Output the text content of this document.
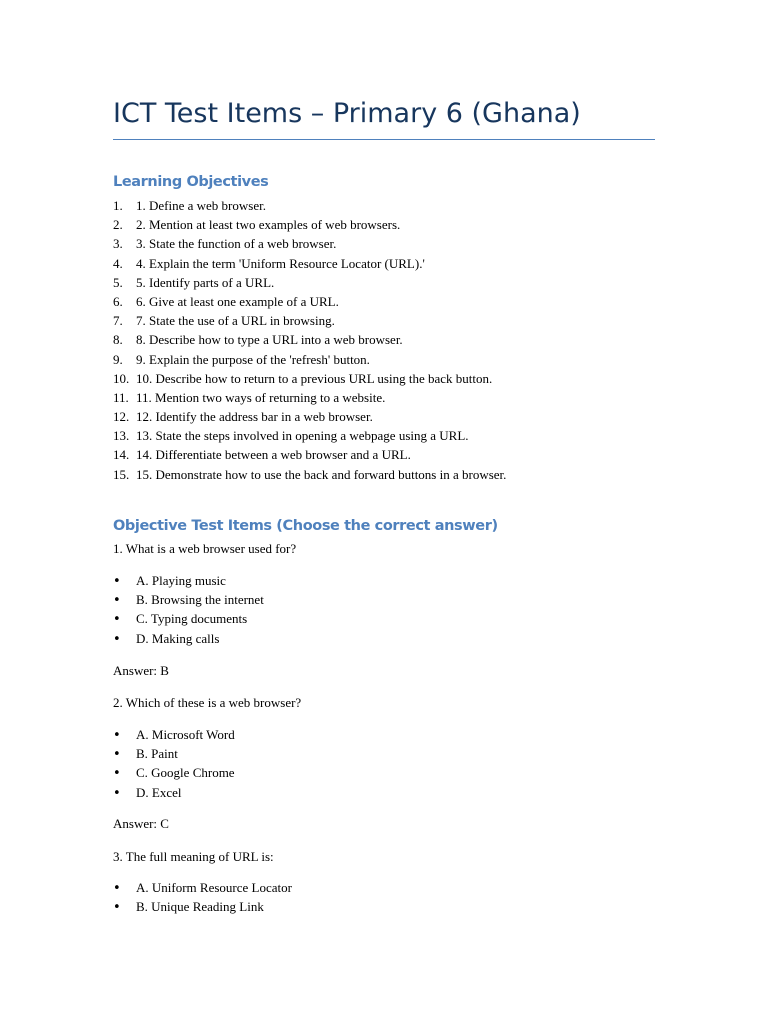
ICT Test Items – Primary 6 (Ghana)
Learning Objectives
1. 1. Define a web browser.
2. 2. Mention at least two examples of web browsers.
3. 3. State the function of a web browser.
4. 4. Explain the term 'Uniform Resource Locator (URL).'
5. 5. Identify parts of a URL.
6. 6. Give at least one example of a URL.
7. 7. State the use of a URL in browsing.
8. 8. Describe how to type a URL into a web browser.
9. 9. Explain the purpose of the 'refresh' button.
10. 10. Describe how to return to a previous URL using the back button.
11. 11. Mention two ways of returning to a website.
12. 12. Identify the address bar in a web browser.
13. 13. State the steps involved in opening a webpage using a URL.
14. 14. Differentiate between a web browser and a URL.
15. 15. Demonstrate how to use the back and forward buttons in a browser.
Objective Test Items (Choose the correct answer)

1. What is a web browser used for?

• A. Playing music
• B. Browsing the internet
• C. Typing documents
• D. Making calls

Answer: B

2. Which of these is a web browser?

• A. Microsoft Word
• B. Paint
• C. Google Chrome
• D. Excel

Answer: C

3. The full meaning of URL is:

• A. Uniform Resource Locator
• B. Unique Reading Link
